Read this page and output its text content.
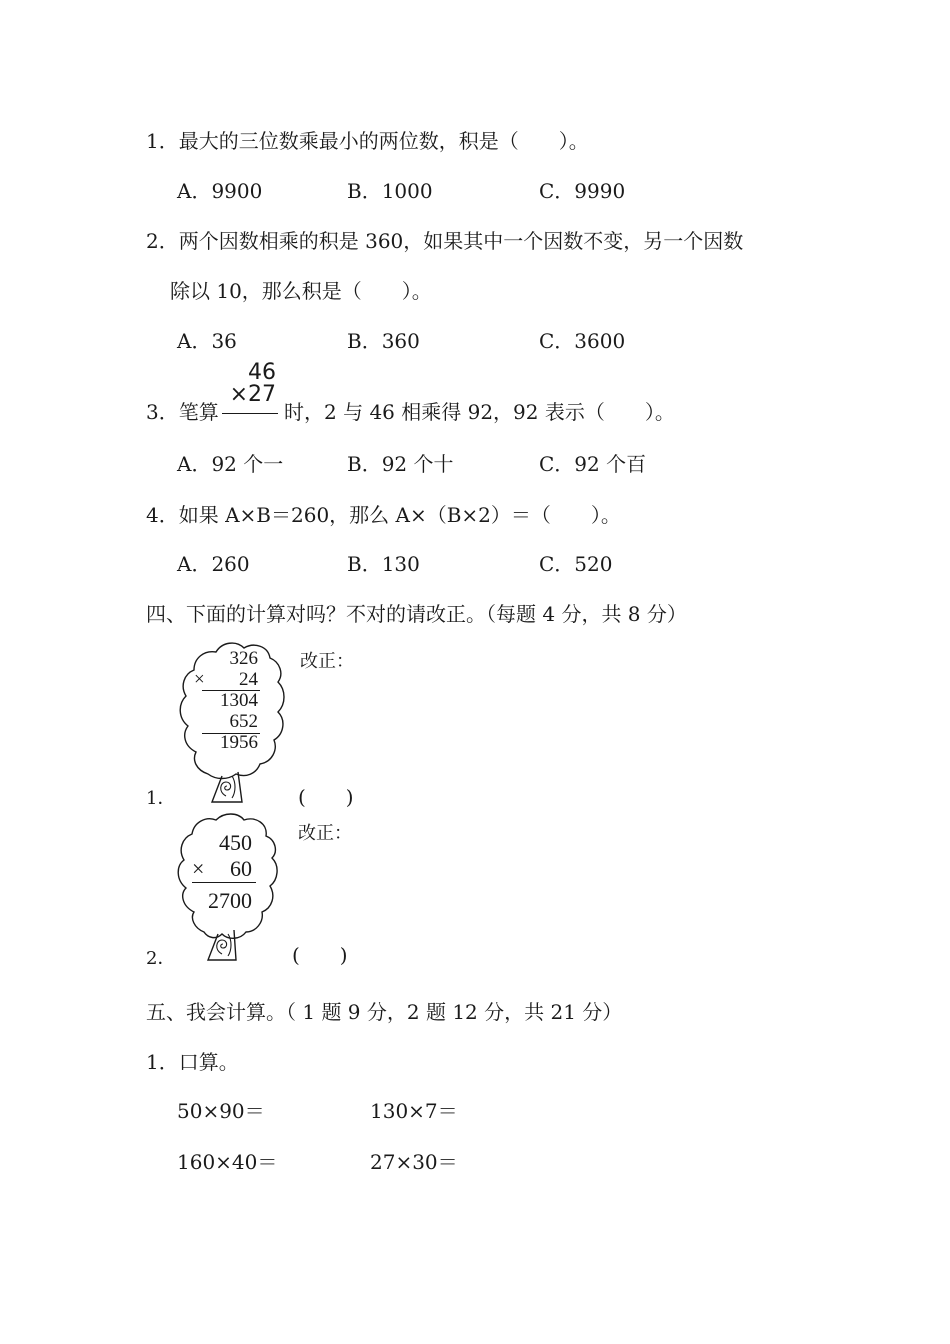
1．最大的三位数乘最小的两位数，积是（　　）。
A．9900	B．1000	C．9990
2．两个因数相乘的积是 360，如果其中一个因数不变，另一个因数
除以 10，那么积是（　　）。
A．36	B．360	C．3600
3．笔算
46
×27
时，2 与 46 相乘得 92，92 表示（　　）。
A．92 个一	B．92 个十	C．92 个百
4．如果 A×B＝260，那么 A×（B×2）＝（　　）。
A．260	B．130	C．520
四、下面的计算对吗？不对的请改正。（每题 4 分，共 8 分）
326
×　24
1304
652
1956
改正：
1．	(　　)
450
×　60
2700
改正：
2．	(　　)
五、我会计算。（ 1 题 9 分，2 题 12 分，共 21 分）
1．口算。
50×90＝	130×7＝
160×40＝	27×30＝
